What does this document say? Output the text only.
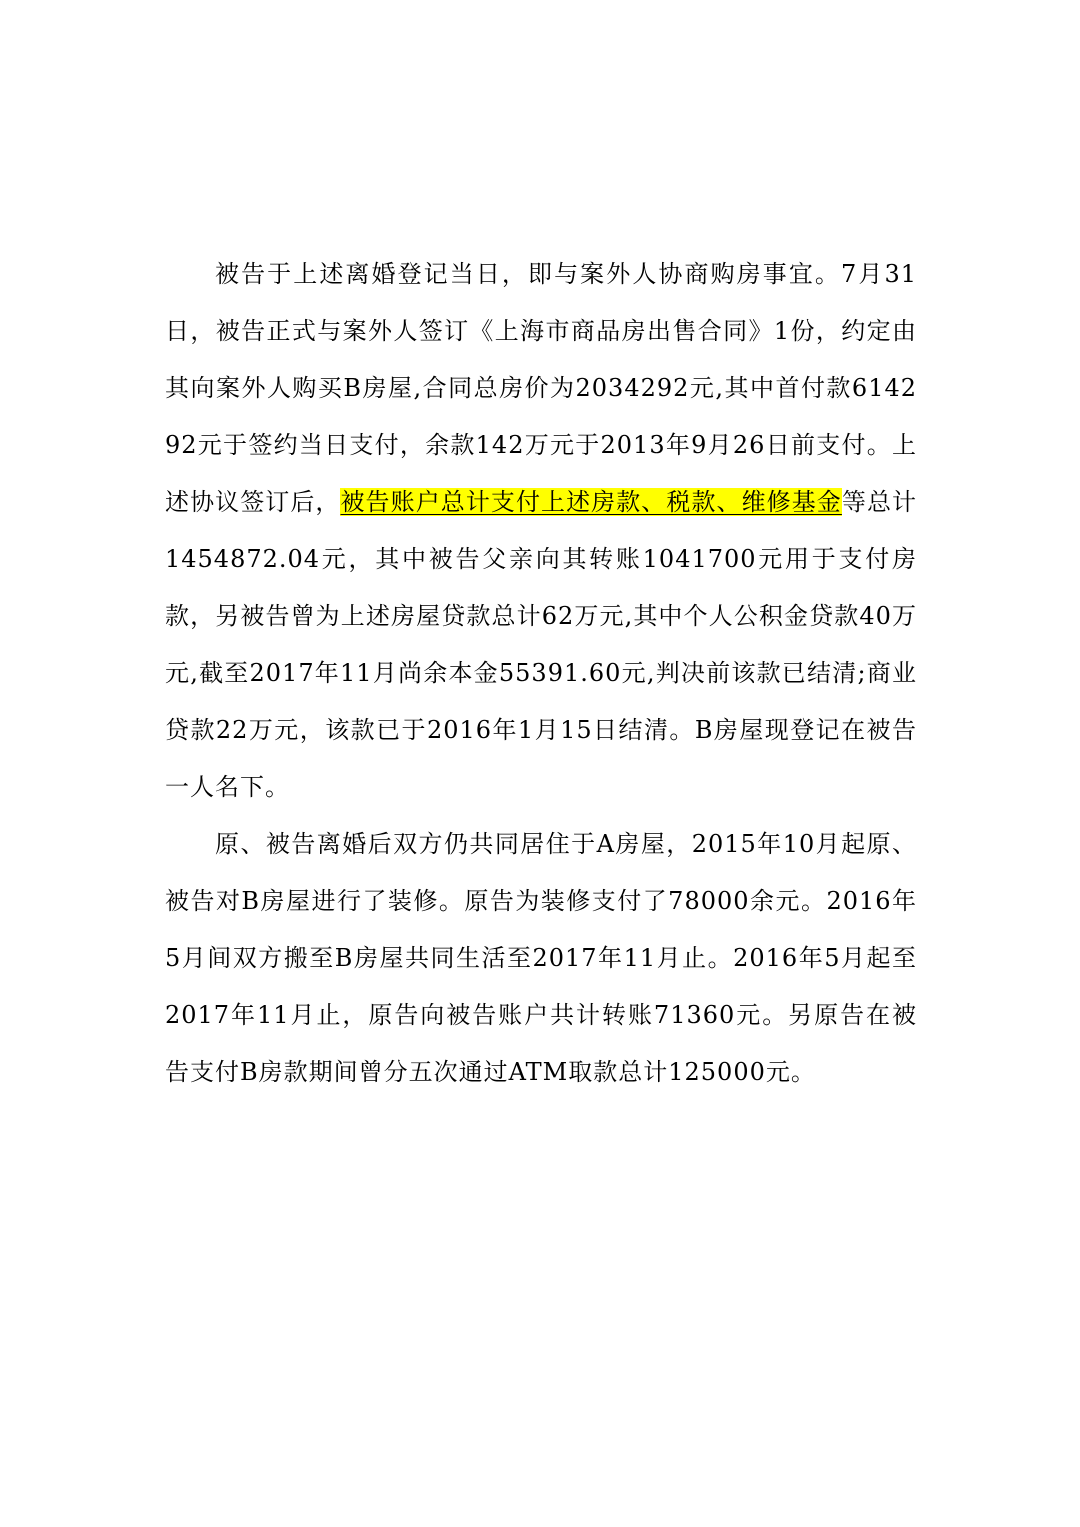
被告于上述离婚登记当日，即与案外人协商购房事宜。7月31日，被告正式与案外人签订《上海市商品房出售合同》1份，约定由其向案外人购买B房屋,合同总房价为2034292元,其中首付款614292元于签约当日支付，余款142万元于2013年9月26日前支付。上述协议签订后，被告账户总计支付上述房款、税款、维修基金等总计1454872.04元，其中被告父亲向其转账1041700元用于支付房款，另被告曾为上述房屋贷款总计62万元,其中个人公积金贷款40万元,截至2017年11月尚余本金55391.60元,判决前该款已结清;商业贷款22万元，该款已于2016年1月15日结清。B房屋现登记在被告一人名下。

原、被告离婚后双方仍共同居住于A房屋，2015年10月起原、被告对B房屋进行了装修。原告为装修支付了78000余元。2016年5月间双方搬至B房屋共同生活至2017年11月止。2016年5月起至2017年11月止，原告向被告账户共计转账71360元。另原告在被告支付B房款期间曾分五次通过ATM取款总计125000元。
